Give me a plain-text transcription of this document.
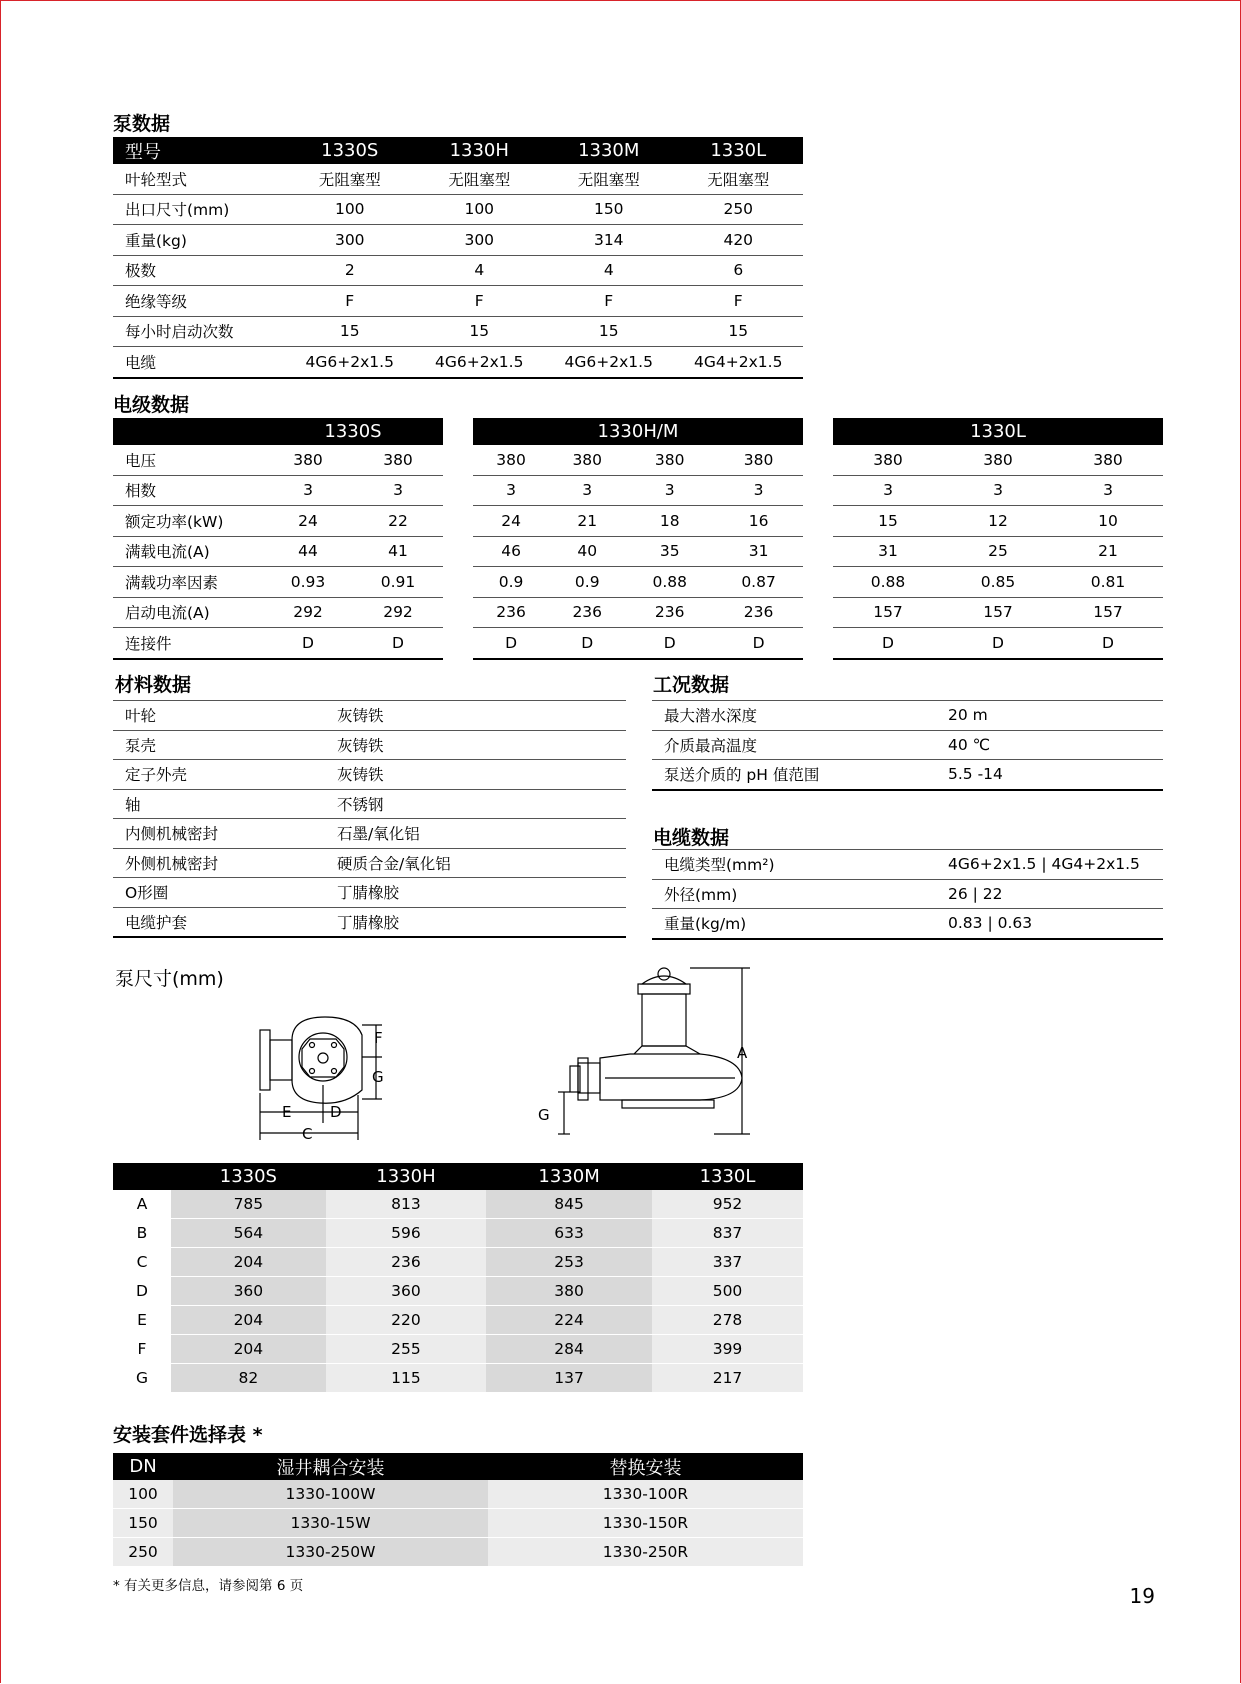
泵数据
型号	1330S	1330H	1330M	1330L
叶轮型式	无阻塞型	无阻塞型	无阻塞型	无阻塞型
出口尺寸(mm)	100	100	150	250
重量(kg)	300	300	314	420
极数	2	4	4	6
绝缘等级	F	F	F	F
每小时启动次数	15	15	15	15
电缆	4G6+2x1.5	4G6+2x1.5	4G6+2x1.5	4G4+2x1.5
电级数据
	1330S	
电压	380	380
相数	3	3
额定功率(kW)	24	22
满载电流(A)	44	41
满载功率因素	0.93	0.91
启动电流(A)	292	292
连接件	D	D
1330H/M			
380	380	380	380
3	3	3	3
24	21	18	16
46	40	35	31
0.9	0.9	0.88	0.87
236	236	236	236
D	D	D	D
1330L		
380	380	380
3	3	3
15	12	10
31	25	21
0.88	0.85	0.81
157	157	157
D	D	D
材料数据
叶轮	灰铸铁
泵壳	灰铸铁
定子外壳	灰铸铁
轴	不锈钢
内侧机械密封	石墨/氧化铝
外侧机械密封	硬质合金/氧化铝
O形圈	丁腈橡胶
电缆护套	丁腈橡胶
工况数据
最大潜水深度	20 m
介质最高温度	40 ℃
泵送介质的 pH 值范围	5.5 -14
电缆数据
电缆类型(mm²)	4G6+2x1.5 | 4G4+2x1.5
外径(mm)	26 | 22
重量(kg/m)	0.83 | 0.63
泵尺寸(mm)
F
G
E	D
C
A
G
	1330S	1330H	1330M	1330L
A	785	813	845	952
B	564	596	633	837
C	204	236	253	337
D	360	360	380	500
E	204	220	224	278
F	204	255	284	399
G	82	115	137	217
安装套件选择表 *
DN	湿井耦合安装	替换安装
100	1330-100W	1330-100R
150	1330-15W	1330-150R
250	1330-250W	1330-250R
* 有关更多信息，请参阅第 6 页	19
